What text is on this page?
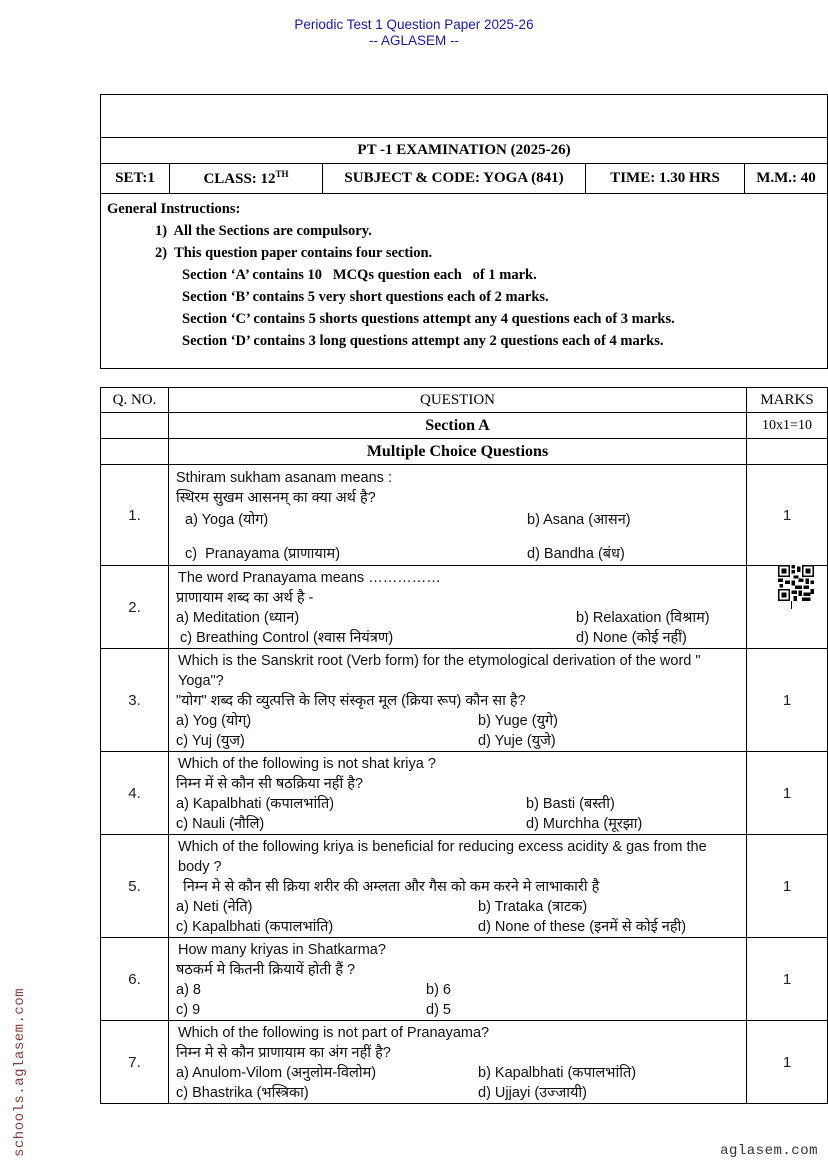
Periodic Test 1 Question Paper 2025-26
-- AGLASEM --
schools.aglasem.com	aglasem.com

PT -1 EXAMINATION (2025-26)
SET:1	CLASS: 12TH	SUBJECT & CODE: YOGA (841)	TIME: 1.30 HRS	M.M.: 40

General Instructions:
1)  All the Sections are compulsory.
2)  This question paper contains four section.
Section ‘A’ contains 10   MCQs question each   of 1 mark.
Section ‘B’ contains 5 very short questions each of 2 marks.
Section ‘C’ contains 5 shorts questions attempt any 4 questions each of 3 marks.
Section ‘D’ contains 3 long questions attempt any 2 questions each of 4 marks.
Q. NO.	QUESTION	MARKS
	Section A	10x1=10
	Multiple Choice Questions	
1.	
Sthiram sukham asanam means :
स्थिरम सुखम आसनम् का क्या अर्थ है?
a) Yoga (योग)	b) Asana (आसन)
c)  Pranayama (प्राणायाम)	d) Bandha (बंध)
	1
2.	
The word Pranayama means ……………
प्राणायाम शब्द का अर्थ है -
a) Meditation (ध्यान)	b) Relaxation (विश्राम)
c) Breathing Control (श्वास नियंत्रण)	d) None (कोई नहीं)

3.	
Which is the Sanskrit root (Verb form) for the etymological derivation of the word " Yoga"?
"योग" शब्द की व्युत्पत्ति के लिए संस्कृत मूल (क्रिया रूप) कौन सा है?
a) Yog (योग्)	b) Yuge (युगे)
c) Yuj (युज)	d) Yuje (युजे)
	1
4.	
Which of the following is not shat kriya ?
निम्न में से कौन सी षठक्रिया नहीं है?
a) Kapalbhati (कपालभांति)	b) Basti (बस्ती)
c) Nauli (नौलि)	d) Murchha (मूरझा)
	1
5.	
Which of the following kriya is beneficial for reducing excess acidity & gas from the body ?
निम्न मे से कौन सी क्रिया शरीर की अम्लता और गैस को कम करने मे लाभाकारी है
a) Neti (नेति)	b) Trataka (त्राटक)
c) Kapalbhati (कपालभांति)	d) None of these (इनमें से कोई नही)
	1
6.	
How many kriyas in Shatkarma?
षठकर्म मे कितनी क्रियायें होती हैं ?
a) 8	b) 6
c) 9	d) 5
	1
7.	
Which of the following is not part of Pranayama?
निम्न मे से कौन प्राणायाम का अंग नहीं है?
a) Anulom-Vilom (अनुलोम-विलोम)	b) Kapalbhati (कपालभांति)
c) Bhastrika (भस्त्रिका)	d) Ujjayi (उज्जायी)
	1
